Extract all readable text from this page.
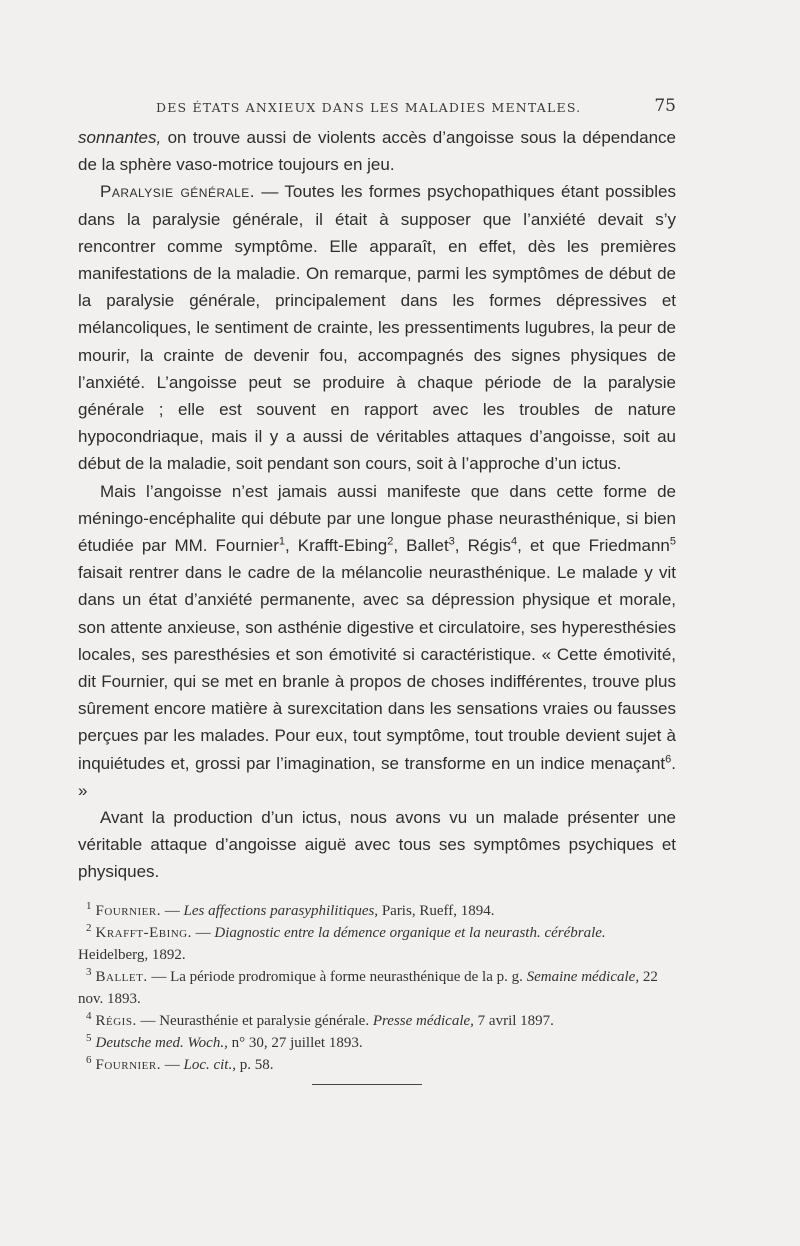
DES ÉTATS ANXIEUX DANS LES MALADIES MENTALES.	75

sonnantes, on trouve aussi de violents accès d’angoisse sous la dépendance de la sphère vaso-motrice toujours en jeu.

Paralysie générale. — Toutes les formes psychopathiques étant possibles dans la paralysie générale, il était à supposer que l’anxiété devait s’y rencontrer comme symptôme. Elle apparaît, en effet, dès les premières manifestations de la maladie. On remarque, parmi les symptômes de début de la paralysie générale, principalement dans les formes dépressives et mélancoliques, le sentiment de crainte, les pressentiments lugubres, la peur de mourir, la crainte de devenir fou, accompagnés des signes physiques de l’anxiété. L’angoisse peut se produire à chaque période de la paralysie générale ; elle est souvent en rapport avec les troubles de nature hypocondriaque, mais il y a aussi de véritables attaques d’angoisse, soit au début de la maladie, soit pendant son cours, soit à l’approche d’un ictus.

Mais l’angoisse n’est jamais aussi manifeste que dans cette forme de méningo-encéphalite qui débute par une longue phase neurasthénique, si bien étudiée par MM. Fournier$^1$, Krafft-Ebing$^2$, Ballet$^3$, Régis$^4$, et que Friedmann$^5$ faisait rentrer dans le cadre de la mélancolie neurasthénique. Le malade y vit dans un état d’anxiété permanente, avec sa dépression physique et morale, son attente anxieuse, son asthénie digestive et circulatoire, ses hyperesthésies locales, ses paresthésies et son émotivité si caractéristique. « Cette émotivité, dit Fournier, qui se met en branle à propos de choses indifférentes, trouve plus sûrement encore matière à surexcitation dans les sensations vraies ou fausses perçues par les malades. Pour eux, tout symptôme, tout trouble devient sujet à inquiétudes et, grossi par l’imagination, se transforme en un indice menaçant$^6$. »

Avant la production d’un ictus, nous avons vu un malade présenter une véritable attaque d’angoisse aiguë avec tous ses symptômes psychiques et physiques.

$^1$ Fournier. — Les affections parasyphilitiques, Paris, Rueff, 1894.

$^2$ Krafft-Ebing. — Diagnostic entre la démence organique et la neurasth. cérébrale. Heidelberg, 1892.

$^3$ Ballet. — La période prodromique à forme neurasthénique de la p. g. Semaine médicale, 22 nov. 1893.

$^4$ Régis. — Neurasthénie et paralysie générale. Presse médicale, 7 avril 1897.

$^5$ Deutsche med. Woch., n° 30, 27 juillet 1893.

$^6$ Fournier. — Loc. cit., p. 58.
